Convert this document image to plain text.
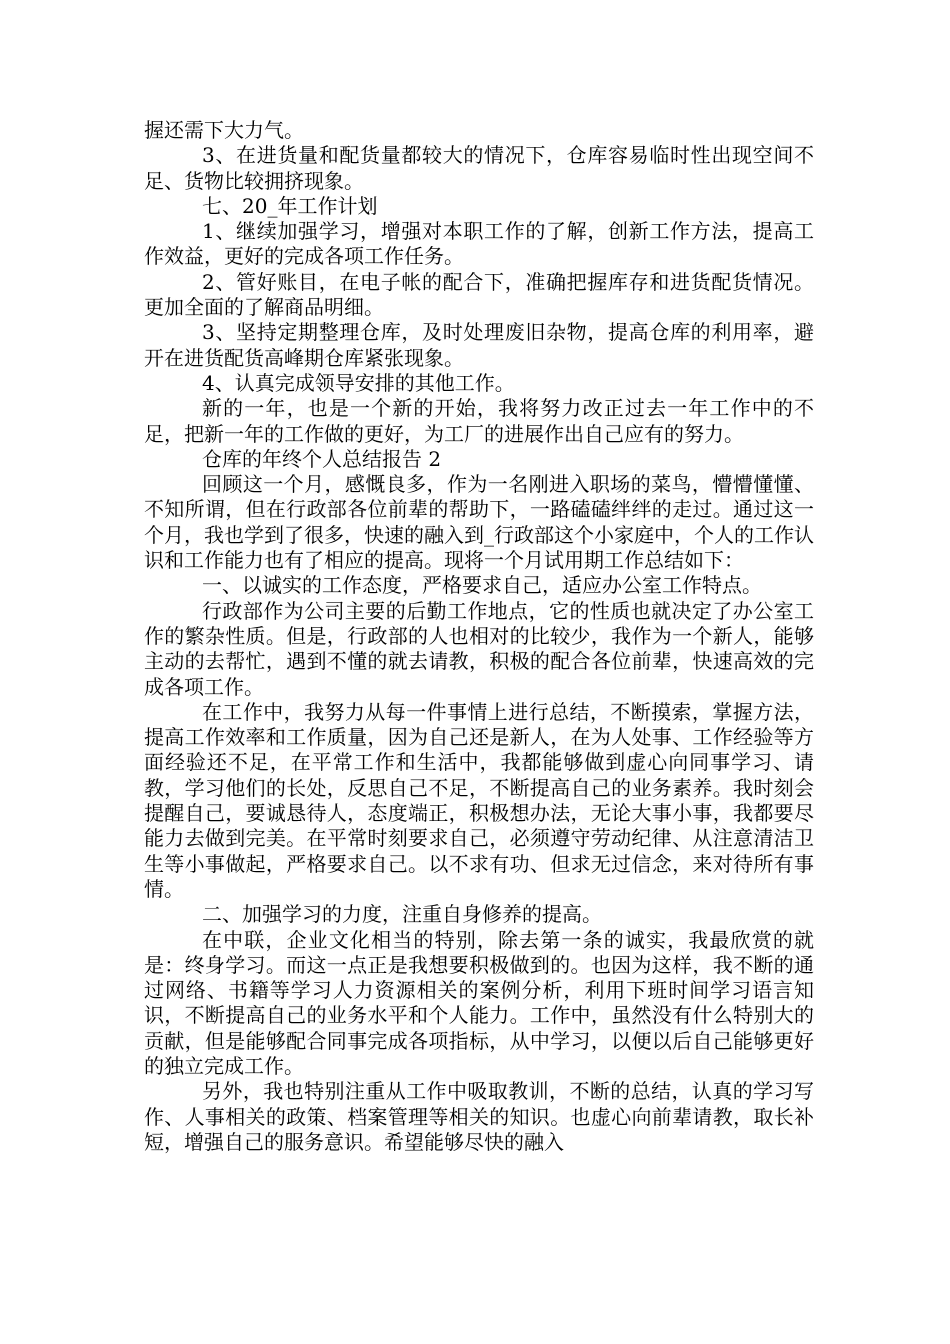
握还需下大力气。

3、在进货量和配货量都较大的情况下，仓库容易临时性出现空间不足、货物比较拥挤现象。

七、20_年工作计划

1、继续加强学习，增强对本职工作的了解，创新工作方法，提高工作效益，更好的完成各项工作任务。

2、管好账目，在电子帐的配合下，准确把握库存和进货配货情况。更加全面的了解商品明细。

3、坚持定期整理仓库，及时处理废旧杂物，提高仓库的利用率，避开在进货配货高峰期仓库紧张现象。

4、认真完成领导安排的其他工作。

新的一年，也是一个新的开始，我将努力改正过去一年工作中的不足，把新一年的工作做的更好，为工厂的进展作出自己应有的努力。

仓库的年终个人总结报告 2

回顾这一个月，感慨良多，作为一名刚进入职场的菜鸟，懵懵懂懂、不知所谓，但在行政部各位前辈的帮助下，一路磕磕绊绊的走过。通过这一个月，我也学到了很多，快速的融入到_行政部这个小家庭中，个人的工作认识和工作能力也有了相应的提高。现将一个月试用期工作总结如下：

一、以诚实的工作态度，严格要求自己，适应办公室工作特点。

行政部作为公司主要的后勤工作地点，它的性质也就决定了办公室工作的繁杂性质。但是，行政部的人也相对的比较少，我作为一个新人，能够主动的去帮忙，遇到不懂的就去请教，积极的配合各位前辈，快速高效的完成各项工作。

在工作中，我努力从每一件事情上进行总结，不断摸索，掌握方法，提高工作效率和工作质量，因为自己还是新人，在为人处事、工作经验等方面经验还不足，在平常工作和生活中，我都能够做到虚心向同事学习、请教，学习他们的长处，反思自己不足，不断提高自己的业务素养。我时刻会提醒自己，要诚恳待人，态度端正，积极想办法，无论大事小事，我都要尽能力去做到完美。在平常时刻要求自己，必须遵守劳动纪律、从注意清洁卫生等小事做起，严格要求自己。以不求有功、但求无过信念，来对待所有事情。

二、加强学习的力度，注重自身修养的提高。

在中联，企业文化相当的特别，除去第一条的诚实，我最欣赏的就是：终身学习。而这一点正是我想要积极做到的。也因为这样，我不断的通过网络、书籍等学习人力资源相关的案例分析，利用下班时间学习语言知识，不断提高自己的业务水平和个人能力。工作中，虽然没有什么特别大的贡献，但是能够配合同事完成各项指标，从中学习，以便以后自己能够更好的独立完成工作。

另外，我也特别注重从工作中吸取教训，不断的总结，认真的学习写作、人事相关的政策、档案管理等相关的知识。也虚心向前辈请教，取长补短，增强自己的服务意识。希望能够尽快的融入
